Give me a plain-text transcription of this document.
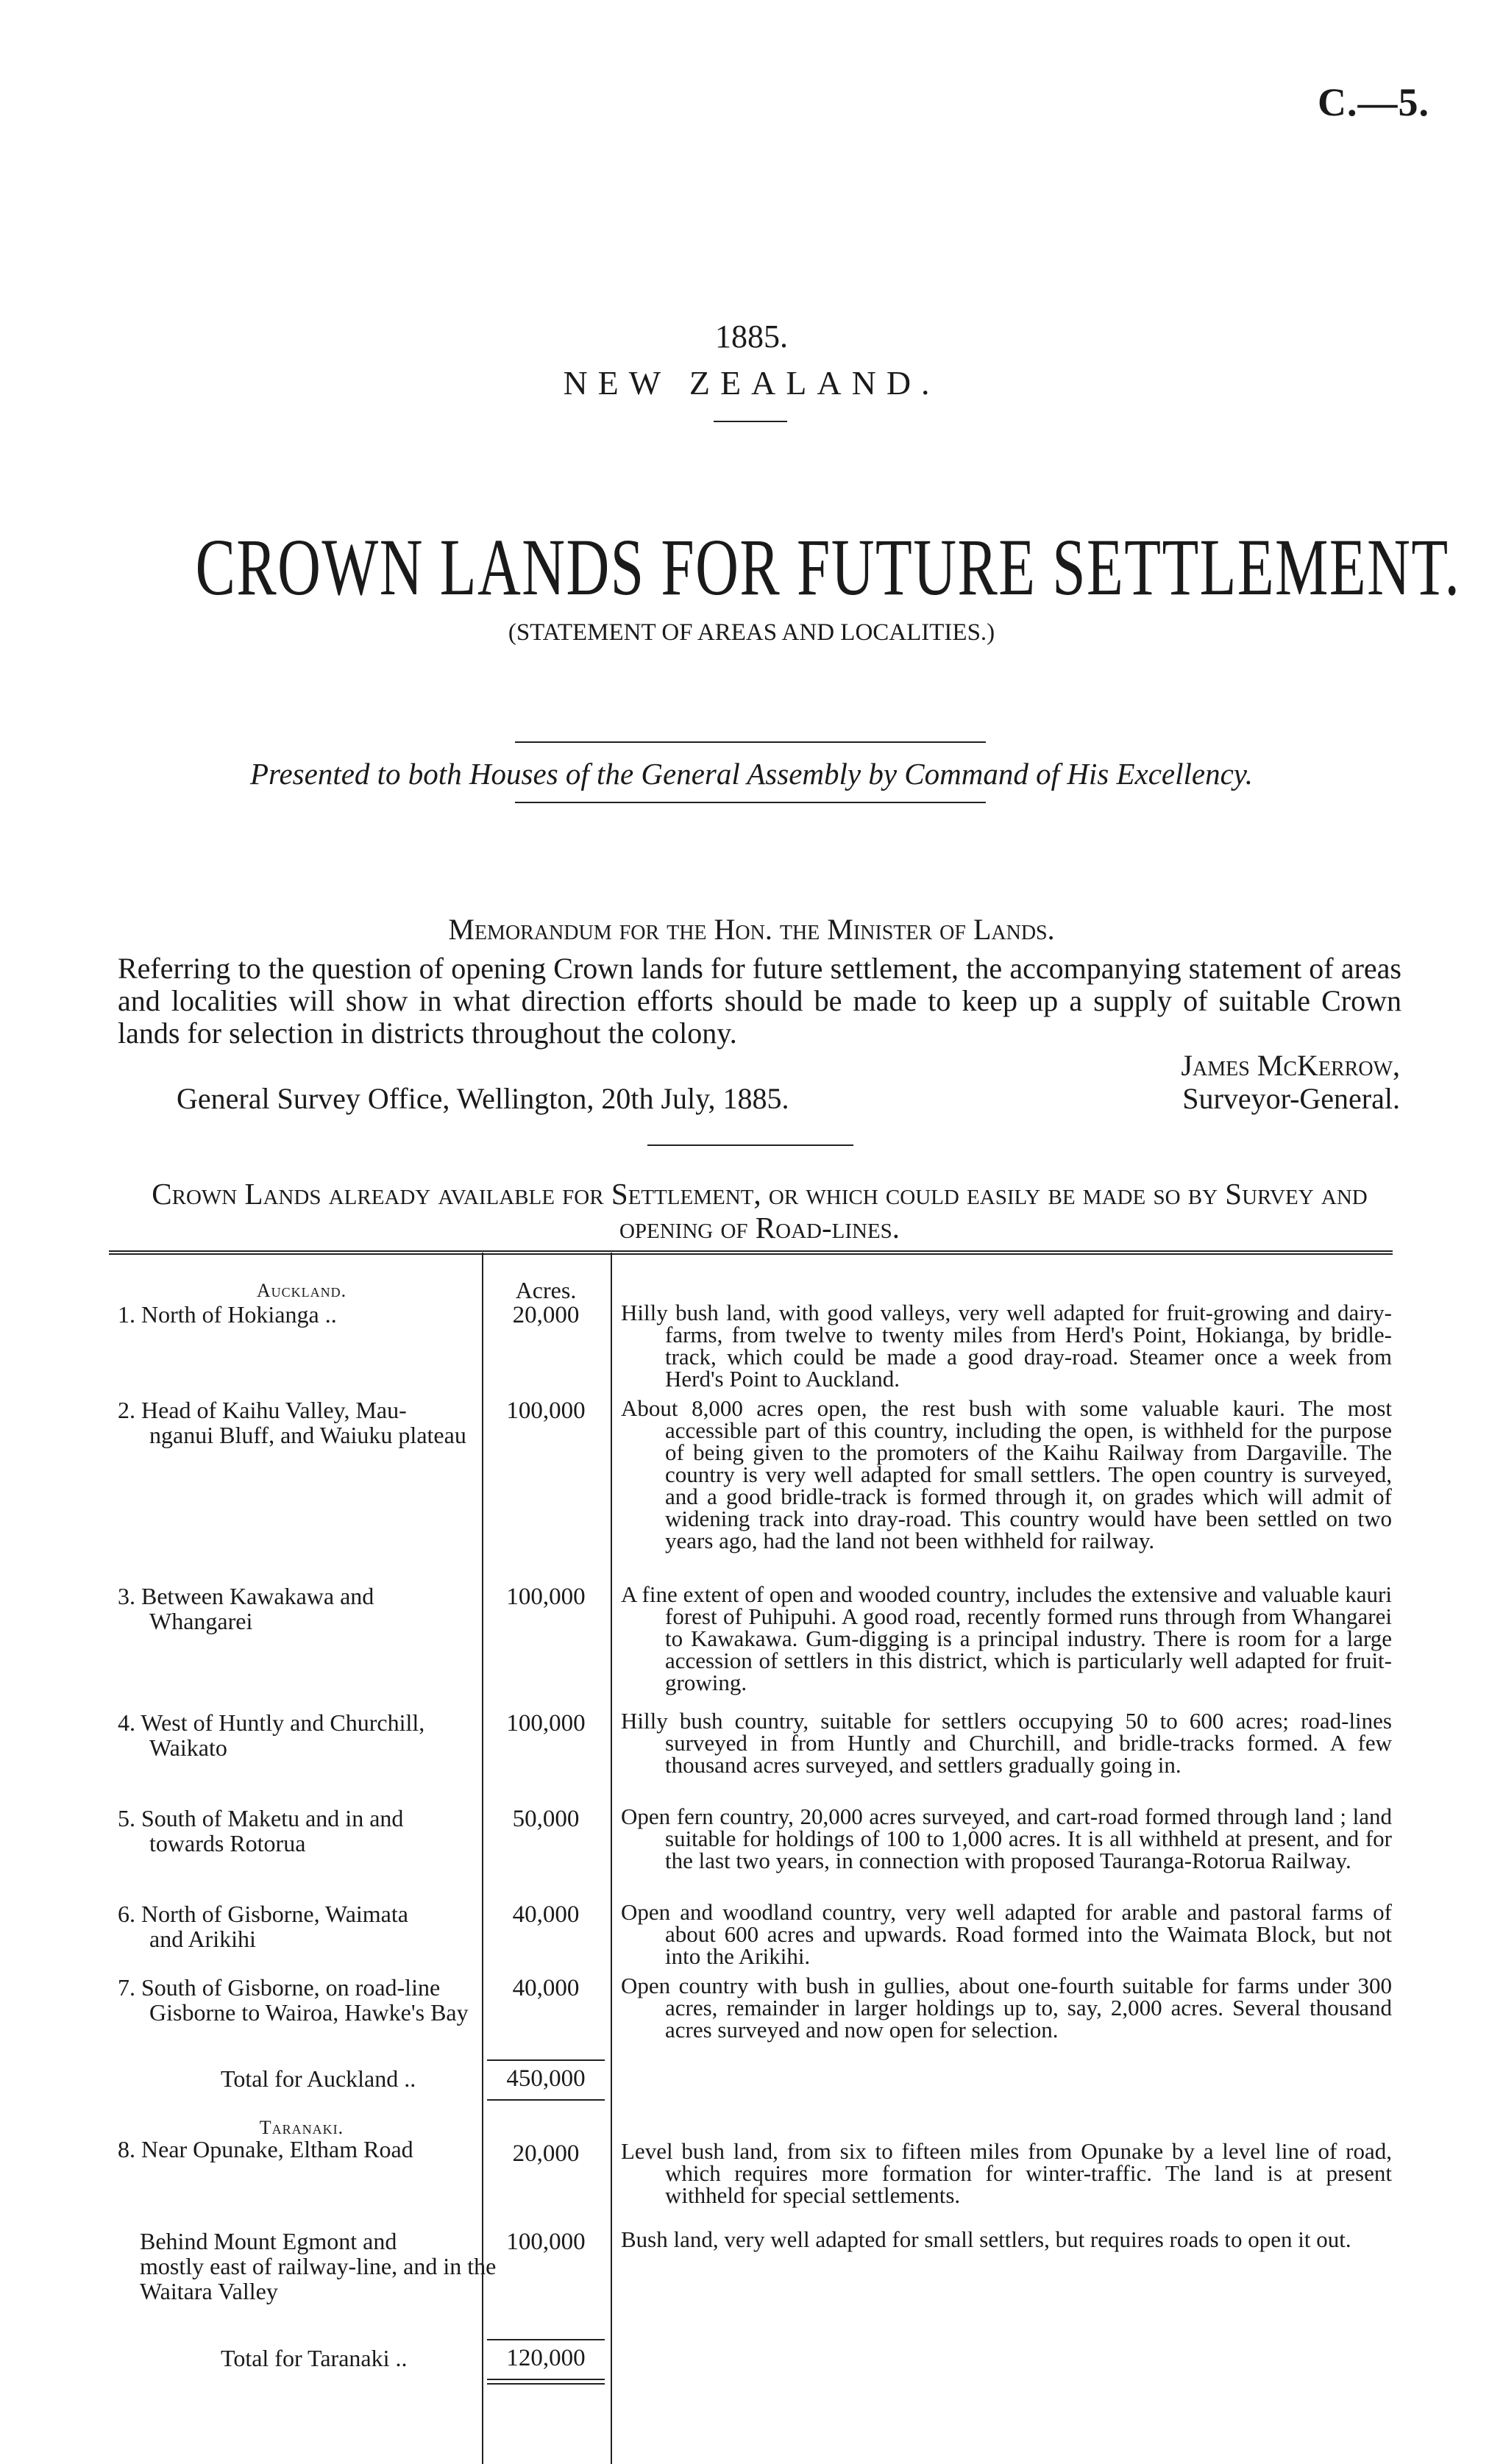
C.—5.
1885.
NEW ZEALAND.
CROWN LANDS FOR FUTURE SETTLEMENT.
(STATEMENT OF AREAS AND LOCALITIES.)
Presented to both Houses of the General Assembly by Command of His Excellency.
Memorandum for the Hon. the Minister of Lands.
Referring to the question of opening Crown lands for future settlement, the accompanying statement of areas and localities will show in what direction efforts should be made to keep up a supply of suitable Crown lands for selection in districts throughout the colony.
James McKerrow,
General Survey Office, Wellington, 20th July, 1885.	Surveyor-General.
Crown Lands already available for Settlement, or which could easily be made so by Survey and opening of Road-lines.
Auckland.	Acres.
1. North of Hokianga ..	20,000	Hilly bush land, with good valleys, very well adapted for fruit-growing and dairy-farms, from twelve to twenty miles from Herd's Point, Hokianga, by bridle-track, which could be made a good dray-road. Steamer once a week from Herd's Point to Auckland.
2. Head of Kaihu Valley, Mau-
nganui Bluff, and Waiuku plateau
100,000	About 8,000 acres open, the rest bush with some valuable kauri. The most accessible part of this country, including the open, is withheld for the purpose of being given to the promoters of the Kaihu Railway from Dargaville. The country is very well adapted for small settlers. The open country is surveyed, and a good bridle-track is formed through it, on grades which will admit of widening track into dray-road. This country would have been settled on two years ago, had the land not been withheld for railway.
3. Between Kawakawa and
Whangarei
100,000	A fine extent of open and wooded country, includes the extensive and valuable kauri forest of Puhipuhi. A good road, recently formed runs through from Whangarei to Kawakawa. Gum-digging is a principal industry. There is room for a large accession of settlers in this district, which is particularly well adapted for fruit-growing.
4. West of Huntly and Churchill,
Waikato
100,000	Hilly bush country, suitable for settlers occupying 50 to 600 acres; road-lines surveyed in from Huntly and Churchill, and bridle-tracks formed. A few thousand acres surveyed, and settlers gradually going in.
5. South of Maketu and in and
towards Rotorua
50,000	Open fern country, 20,000 acres surveyed, and cart-road formed through land ; land suitable for holdings of 100 to 1,000 acres. It is all withheld at present, and for the last two years, in connection with proposed Tauranga-Rotorua Railway.
6. North of Gisborne, Waimata
and Arikihi
40,000	Open and woodland country, very well adapted for arable and pastoral farms of about 600 acres and upwards. Road formed into the Waimata Block, but not into the Arikihi.
7. South of Gisborne, on road-line
Gisborne to Wairoa, Hawke's Bay
40,000	Open country with bush in gullies, about one-fourth suitable for farms under 300 acres, remainder in larger holdings up to, say, 2,000 acres. Several thousand acres surveyed and now open for selection.
Total for Auckland ..	450,000
Taranaki.
8. Near Opunake, Eltham Road	20,000	Level bush land, from six to fifteen miles from Opunake by a level line of road, which requires more formation for winter-traffic. The land is at present withheld for special settlements.
Behind Mount Egmont and
mostly east of railway-line, and in the Waitara Valley
100,000	Bush land, very well adapted for small settlers, but requires roads to open it out.
Total for Taranaki ..	120,000
